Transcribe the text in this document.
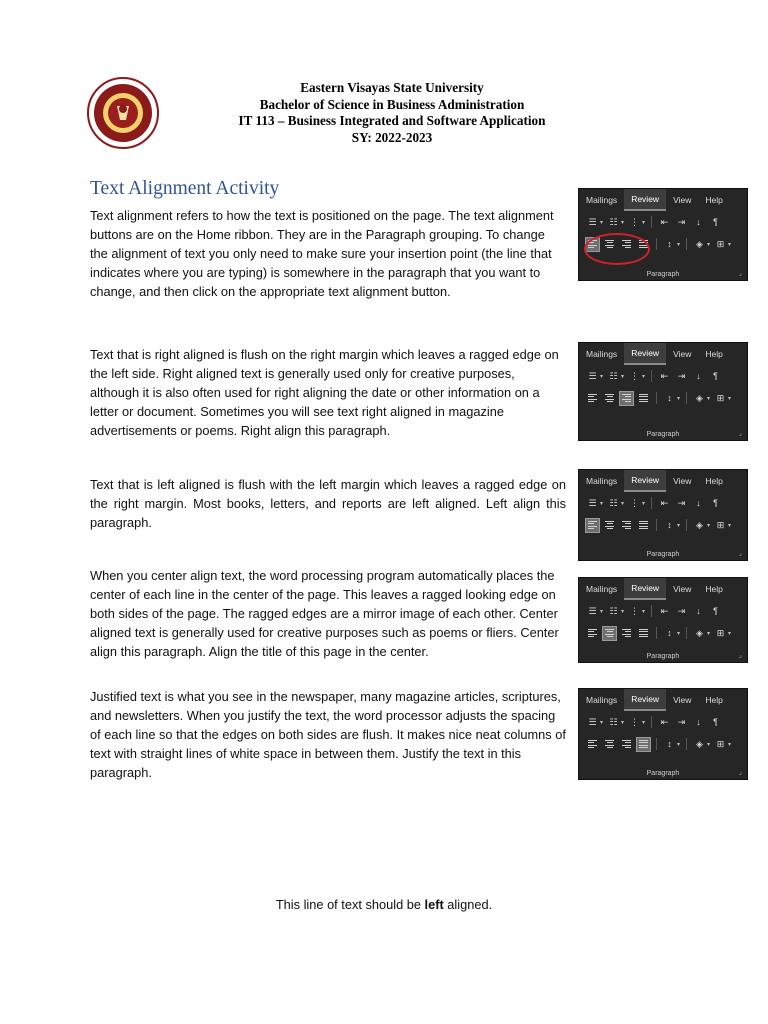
Eastern Visayas State University
Bachelor of Science in Business Administration
IT 113 – Business Integrated and Software Application
SY: 2022-2023
Text Alignment Activity

Text alignment refers to how the text is positioned on the page. The text alignment buttons are on the Home ribbon. They are in the Paragraph grouping. To change the alignment of text you only need to make sure your insertion point (the line that indicates where you are typing) is somewhere in the paragraph that you want to change, and then click on the appropriate text alignment button.

Text that is right aligned is flush on the right margin which leaves a ragged edge on the left side. Right aligned text is generally used only for creative purposes, although it is also often used for right aligning the date or other information on a letter or document. Sometimes you will see text right aligned in magazine advertisements or poems. Right align this paragraph.

Text that is left aligned is flush with the left margin which leaves a ragged edge on the right margin. Most books, letters, and reports are left aligned. Left align this paragraph.

When you center align text, the word processing program automatically places the center of each line in the center of the page. This leaves a ragged looking edge on both sides of the page. The ragged edges are a mirror image of each other. Center aligned text is generally used for creative purposes such as poems or fliers. Center align this paragraph. Align the title of this page in the center.

Justified text is what you see in the newspaper, many magazine articles, scriptures, and newsletters. When you justify the text, the word processor adjusts the spacing of each line so that the edges on both sides are flush. It makes nice neat columns of text with straight lines of white space in between them. Justify the text in this paragraph.

This line of text should be left aligned.
Mailings	Review	View	Help
☰ ▾ ☷ ▾ ⋮ ▾	⇤	⇥	↓	¶
↕ ▾	◈ ▾ ⊞ ▾
Paragraph	⌟
Mailings	Review	View	Help
☰ ▾ ☷ ▾ ⋮ ▾	⇤	⇥	↓	¶
↕ ▾	◈ ▾ ⊞ ▾
Paragraph	⌟
Mailings	Review	View	Help
☰ ▾ ☷ ▾ ⋮ ▾	⇤	⇥	↓	¶
↕ ▾	◈ ▾ ⊞ ▾
Paragraph	⌟
Mailings	Review	View	Help
☰ ▾ ☷ ▾ ⋮ ▾	⇤	⇥	↓	¶
↕ ▾	◈ ▾ ⊞ ▾
Paragraph	⌟
Mailings	Review	View	Help
☰ ▾ ☷ ▾ ⋮ ▾	⇤	⇥	↓	¶
↕ ▾	◈ ▾ ⊞ ▾
Paragraph	⌟
